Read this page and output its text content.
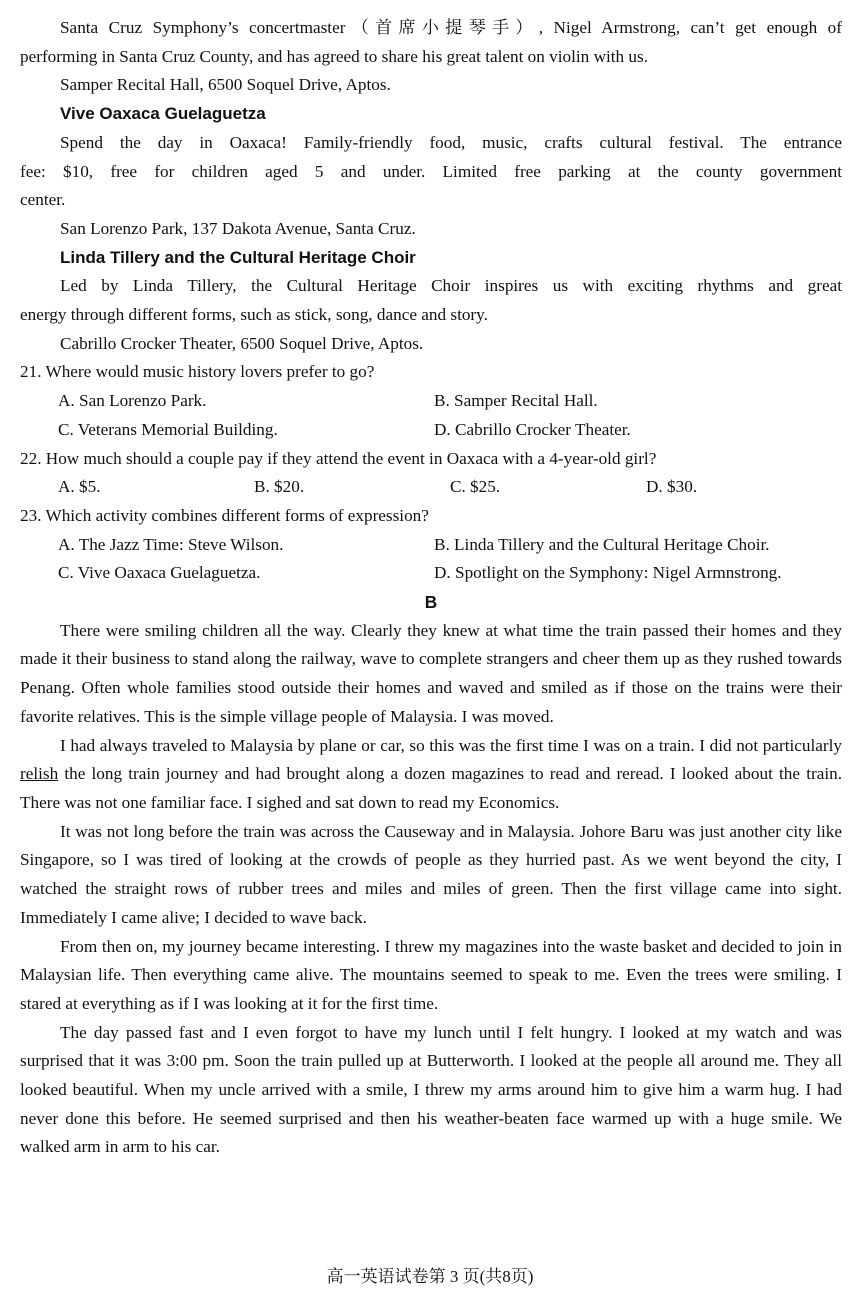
Santa Cruz Symphony’s concertmaster（首席小提琴手）, Nigel Armstrong, can’t get enough of

performing in Santa Cruz County, and has agreed to share his great talent on violin with us.

Samper Recital Hall, 6500 Soquel Drive, Aptos.

Vive Oaxaca Guelaguetza

Spend the day in Oaxaca! Family-friendly food, music, crafts cultural festival. The entrance

fee: $10, free for children aged 5 and under. Limited free parking at the county government

center.

San Lorenzo Park, 137 Dakota Avenue, Santa Cruz.

Linda Tillery and the Cultural Heritage Choir

Led by Linda Tillery, the Cultural Heritage Choir inspires us with exciting rhythms and great

energy through different forms, such as stick, song, dance and story.

Cabrillo Crocker Theater, 6500 Soquel Drive, Aptos.

21. Where would music history lovers prefer to go?

A. San Lorenzo Park.	B. Samper Recital Hall.
C. Veterans Memorial Building.	D. Cabrillo Crocker Theater.

22. How much should a couple pay if they attend the event in Oaxaca with a 4-year-old girl?

A. $5.	B. $20.	C. $25.	D. $30.

23. Which activity combines different forms of expression?

A. The Jazz Time: Steve Wilson.	B. Linda Tillery and the Cultural Heritage Choir.
C. Vive Oaxaca Guelaguetza.	D. Spotlight on the Symphony: Nigel Armnstrong.
B

There were smiling children all the way. Clearly they knew at what time the train passed their homes and they made it their business to stand along the railway, wave to complete strangers and cheer them up as they rushed towards Penang. Often whole families stood outside their homes and waved and smiled as if those on the trains were their favorite relatives. This is the simple village people of Malaysia. I was moved.

I had always traveled to Malaysia by plane or car, so this was the first time I was on a train. I did not particularly relish the long train journey and had brought along a dozen magazines to read and reread. I looked about the train. There was not one familiar face. I sighed and sat down to read my Economics.

It was not long before the train was across the Causeway and in Malaysia. Johore Baru was just another city like Singapore, so I was tired of looking at the crowds of people as they hurried past. As we went beyond the city, I watched the straight rows of rubber trees and miles and miles of green. Then the first village came into sight. Immediately I came alive; I decided to wave back.

From then on, my journey became interesting. I threw my magazines into the waste basket and decided to join in Malaysian life. Then everything came alive. The mountains seemed to speak to me. Even the trees were smiling. I stared at everything as if I was looking at it for the first time.

The day passed fast and I even forgot to have my lunch until I felt hungry. I looked at my watch and was surprised that it was 3:00 pm. Soon the train pulled up at Butterworth. I looked at the people all around me. They all looked beautiful. When my uncle arrived with a smile, I threw my arms around him to give him a warm hug. I had never done this before. He seemed surprised and then his weather-beaten face warmed up with a huge smile. We walked arm in arm to his car.

高一英语试卷第 3 页(共8页)
